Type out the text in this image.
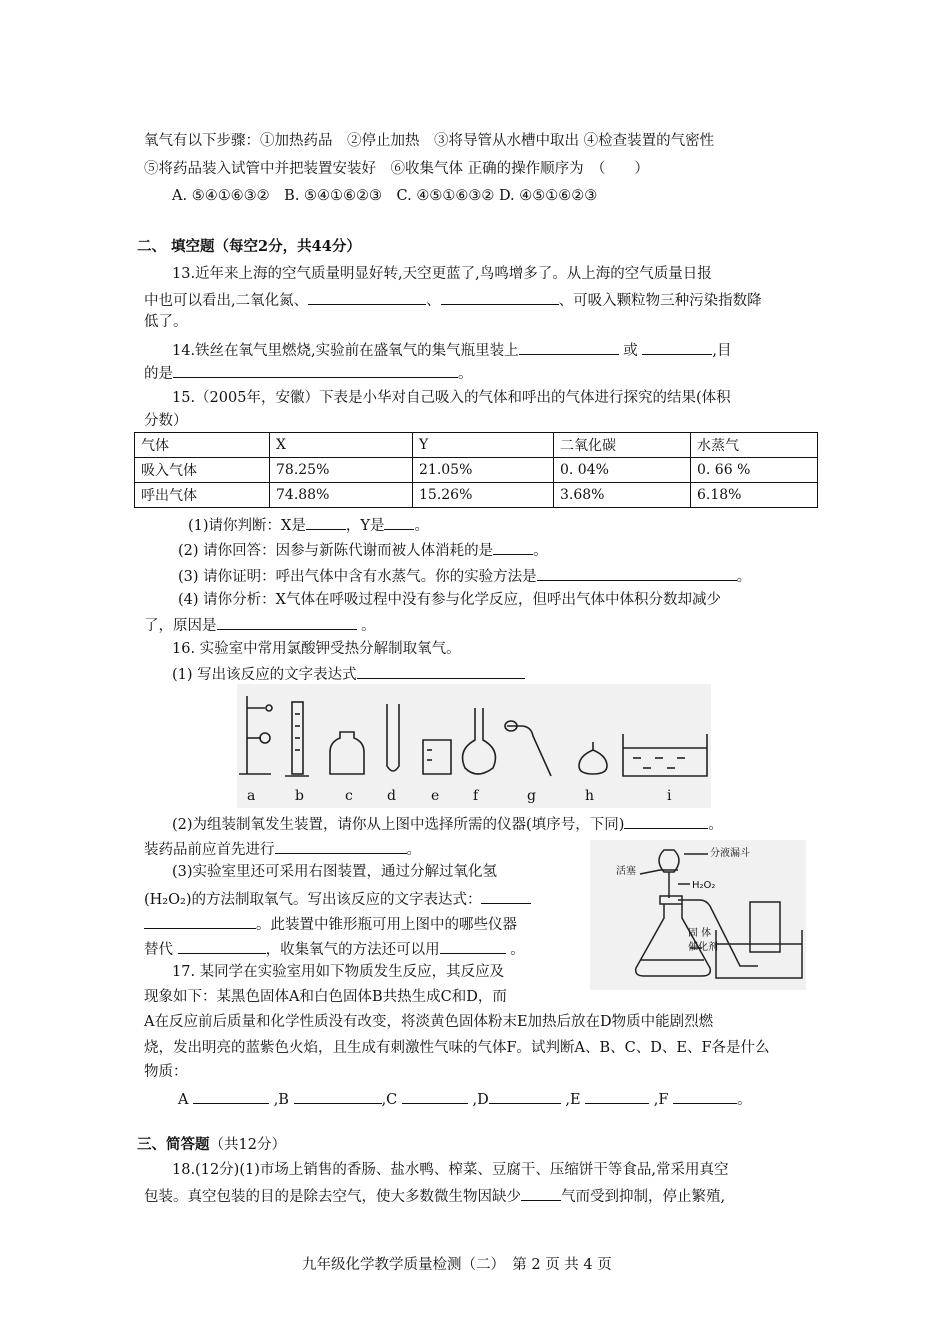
氧气有以下步骤：①加热药品　②停止加热　③将导管从水槽中取出 ④检查装置的气密性
⑤将药品装入试管中并把装置安装好　⑥收集气体 正确的操作顺序为　（　　）
A. ⑤④①⑥③②　B. ⑤④①⑥②③　C. ④⑤①⑥③② D. ④⑤①⑥②③
二、 填空题（每空2分，共44分）
13.近年来上海的空气质量明显好转,天空更蓝了,鸟鸣增多了。从上海的空气质量日报
中也可以看出,二氧化氮、	、	、可吸入颗粒物三种污染指数降
低了。
14.铁丝在氧气里燃烧,实验前在盛氧气的集气瓶里装上	或	,目
的是	。
15.（2005年，安徽）下表是小华对自己吸入的气体和呼出的气体进行探究的结果(体积
分数）
气体	X	Y	二氧化碳	水蒸气
吸入气体	78.25%	21.05%	0. 04%	0. 66 %
呼出气体	74.88%	15.26%	3.68%	6.18%
(1)请你判断：X是	，Y是 。
(2) 请你回答：因参与新陈代谢而被人体消耗的是	。
(3) 请你证明：呼出气体中含有水蒸气。你的实验方法是	。
(4) 请你分析：X气体在呼吸过程中没有参与化学反应，但呼出气体中体积分数却减少
了，原因是	。
16. 实验室中常用氯酸钾受热分解制取氧气。
(1) 写出该反应的文字表达式
a	b	c d	e f	g	h	i
(2)为组装制氧发生装置，请你从上图中选择所需的仪器(填序号，下同)	。
装药品前应首先进行	。
(3)实验室里还可采用右图装置，通过分解过氧化氢
(H₂O₂)的方法制取氧气。写出该反应的文字表达式：
。此装置中锥形瓶可用上图中的哪些仪器
替代	，收集氧气的方法还可以用	。
分液漏斗
活塞
H₂O₂
固 体
催化剂
17. 某同学在实验室用如下物质发生反应，其反应及
现象如下：某黑色固体A和白色固体B共热生成C和D，而
A在反应前后质量和化学性质没有改变，将淡黄色固体粉末E加热后放在D物质中能剧烈燃
烧，发出明亮的蓝紫色火焰，且生成有刺激性气味的气体F。试判断A、B、C、D、E、F各是什么
物质：
A	,B	,C	,D	,E	,F	。
三、简答题（共12分）
18.(12分)(1)市场上销售的香肠、盐水鸭、榨菜、豆腐干、压缩饼干等食品,常采用真空
包装。真空包装的目的是除去空气，使大多数微生物因缺少	气而受到抑制，停止繁殖,
九年级化学教学质量检测（二）　第 2 页 共 4 页
